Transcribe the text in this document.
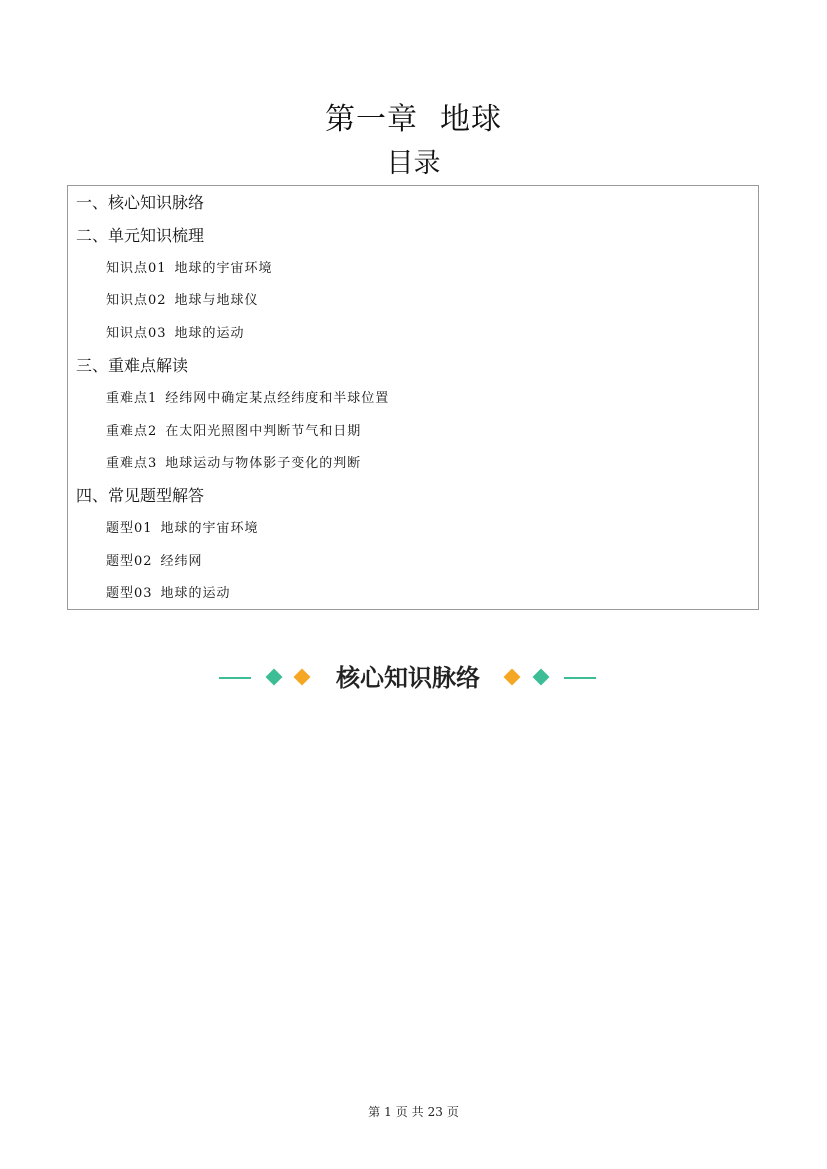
第一章 地球
目录
一、核心知识脉络
二、单元知识梳理
知识点01 地球的宇宙环境
知识点02 地球与地球仪
知识点03 地球的运动
三、重难点解读
重难点1 经纬网中确定某点经纬度和半球位置
重难点2 在太阳光照图中判断节气和日期
重难点3 地球运动与物体影子变化的判断
四、常见题型解答
题型01 地球的宇宙环境
题型02 经纬网
题型03 地球的运动
核心知识脉络
第 1 页 共 23 页
